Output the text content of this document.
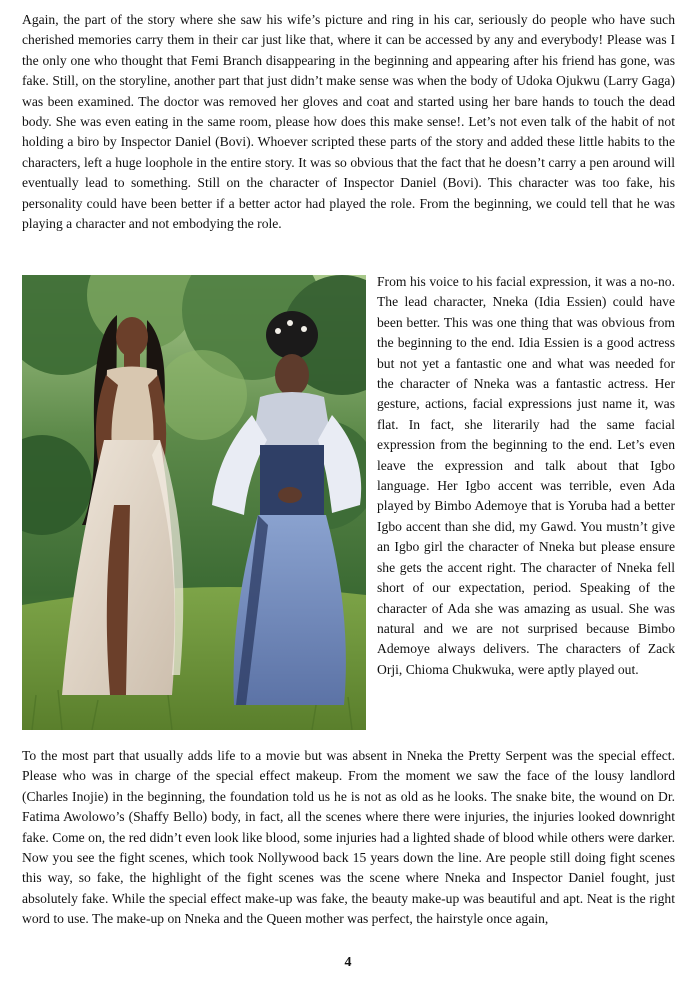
Again, the part of the story where she saw his wife’s picture and ring in his car, seriously do people who have such cherished memories carry them in their car just like that, where it can be accessed by any and everybody! Please was I the only one who thought that Femi Branch disappearing in the beginning and appearing after his friend has gone, was fake. Still, on the storyline, another part that just didn’t make sense was when the body of Udoka Ojukwu (Larry Gaga) was been examined. The doctor was removed her gloves and coat and started using her bare hands to touch the dead body. She was even eating in the same room, please how does this make sense!. Let’s not even talk of the habit of not holding a biro by Inspector Daniel (Bovi). Whoever scripted these parts of the story and added these little habits to the characters, left a huge loophole in the entire story. It was so obvious that the fact that he doesn’t carry a pen around will eventually lead to something. Still on the character of Inspector Daniel (Bovi). This character was too fake, his personality could have been better if a better actor had played the role. From the beginning, we could tell that he was playing a character and not embodying the role.

From his voice to his facial expression, it was a no-no. The lead character, Nneka (Idia Essien) could have been better. This was one thing that was obvious from the beginning to the end. Idia Essien is a good actress but not yet a fantastic one and what was needed for the character of Nneka was a fantastic actress. Her gesture, actions, facial expressions just name it, was flat. In fact, she literarily had the same facial expression from the beginning to the end. Let’s even leave the expression and talk about that Igbo language. Her Igbo accent was terrible, even Ada played by Bimbo Ademoye that is Yoruba had a better Igbo accent than she did, my Gawd. You mustn’t give an Igbo girl the character of Nneka but please ensure she gets the accent right. The character of Nneka fell short of our expectation, period. Speaking of the character of Ada she was amazing as usual. She was natural and we are not surprised because Bimbo Ademoye always delivers. The characters of Zack Orji, Chioma Chukwuka, were aptly played out.

To the most part that usually adds life to a movie but was absent in Nneka the Pretty Serpent was the special effect. Please who was in charge of the special effect makeup. From the moment we saw the face of the lousy landlord (Charles Inojie) in the beginning, the foundation told us he is not as old as he looks. The snake bite, the wound on Dr. Fatima Awolowo’s (Shaffy Bello) body, in fact, all the scenes where there were injuries, the injuries looked downright fake. Come on, the red didn’t even look like blood, some injuries had a lighted shade of blood while others were darker. Now you see the fight scenes, which took Nollywood back 15 years down the line. Are people still doing fight scenes this way, so fake, the highlight of the fight scenes was the scene where Nneka and Inspector Daniel fought, just absolutely fake. While the special effect make-up was fake, the beauty make-up was beautiful and apt. Neat is the right word to use. The make-up on Nneka and the Queen mother was perfect, the hairstyle once again,

4
